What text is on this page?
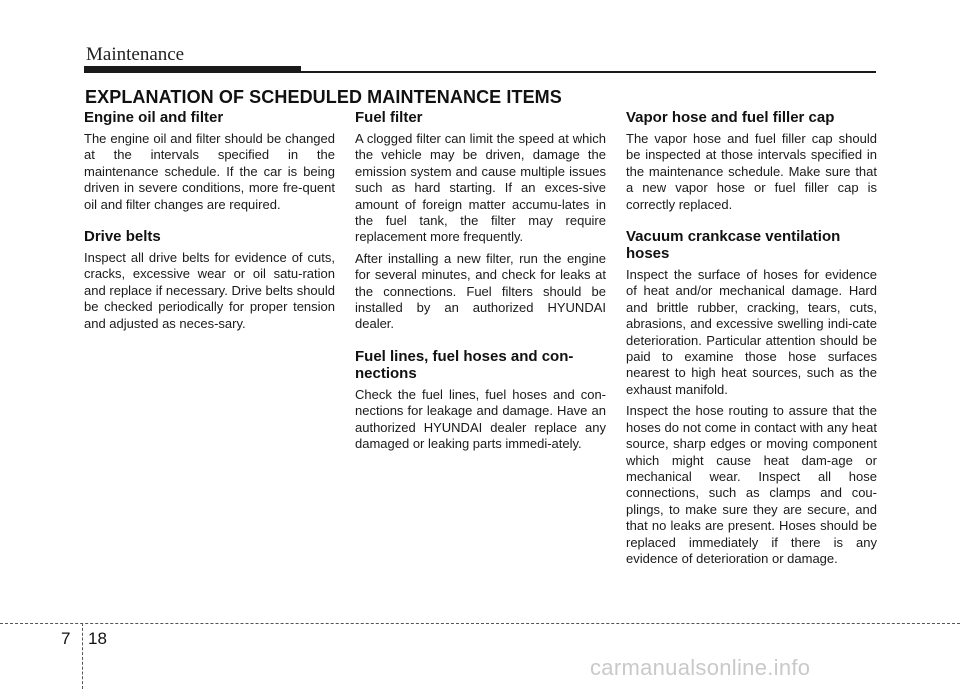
Maintenance
EXPLANATION OF SCHEDULED MAINTENANCE ITEMS
Engine oil and filter

The engine oil and filter should be changed at the intervals specified in the maintenance schedule. If the car is being driven in severe conditions, more fre-quent oil and filter changes are required.

Drive belts

Inspect all drive belts for evidence of cuts, cracks, excessive wear or oil satu-ration and replace if necessary. Drive belts should be checked periodically for proper tension and adjusted as neces-sary.

Fuel filter

A clogged filter can limit the speed at which the vehicle may be driven, damage the emission system and cause multiple issues such as hard starting. If an exces-sive amount of foreign matter accumu-lates in the fuel tank, the filter may require replacement more frequently.

After installing a new filter, run the engine for several minutes, and check for leaks at the connections. Fuel filters should be installed by an authorized HYUNDAI dealer.

Fuel lines, fuel hoses and con-nections

Check the fuel lines, fuel hoses and con-nections for leakage and damage. Have an authorized HYUNDAI dealer replace any damaged or leaking parts immedi-ately.

Vapor hose and fuel filler cap

The vapor hose and fuel filler cap should be inspected at those intervals specified in the maintenance schedule. Make sure that a new vapor hose or fuel filler cap is correctly replaced.

Vacuum crankcase ventilation hoses

Inspect the surface of hoses for evidence of heat and/or mechanical damage. Hard and brittle rubber, cracking, tears, cuts, abrasions, and excessive swelling indi-cate deterioration. Particular attention should be paid to examine those hose surfaces nearest to high heat sources, such as the exhaust manifold.

Inspect the hose routing to assure that the hoses do not come in contact with any heat source, sharp edges or moving component which might cause heat dam-age or mechanical wear. Inspect all hose connections, such as clamps and cou-plings, to make sure they are secure, and that no leaks are present. Hoses should be replaced immediately if there is any evidence of deterioration or damage.

7 18
carmanualsonline.info
